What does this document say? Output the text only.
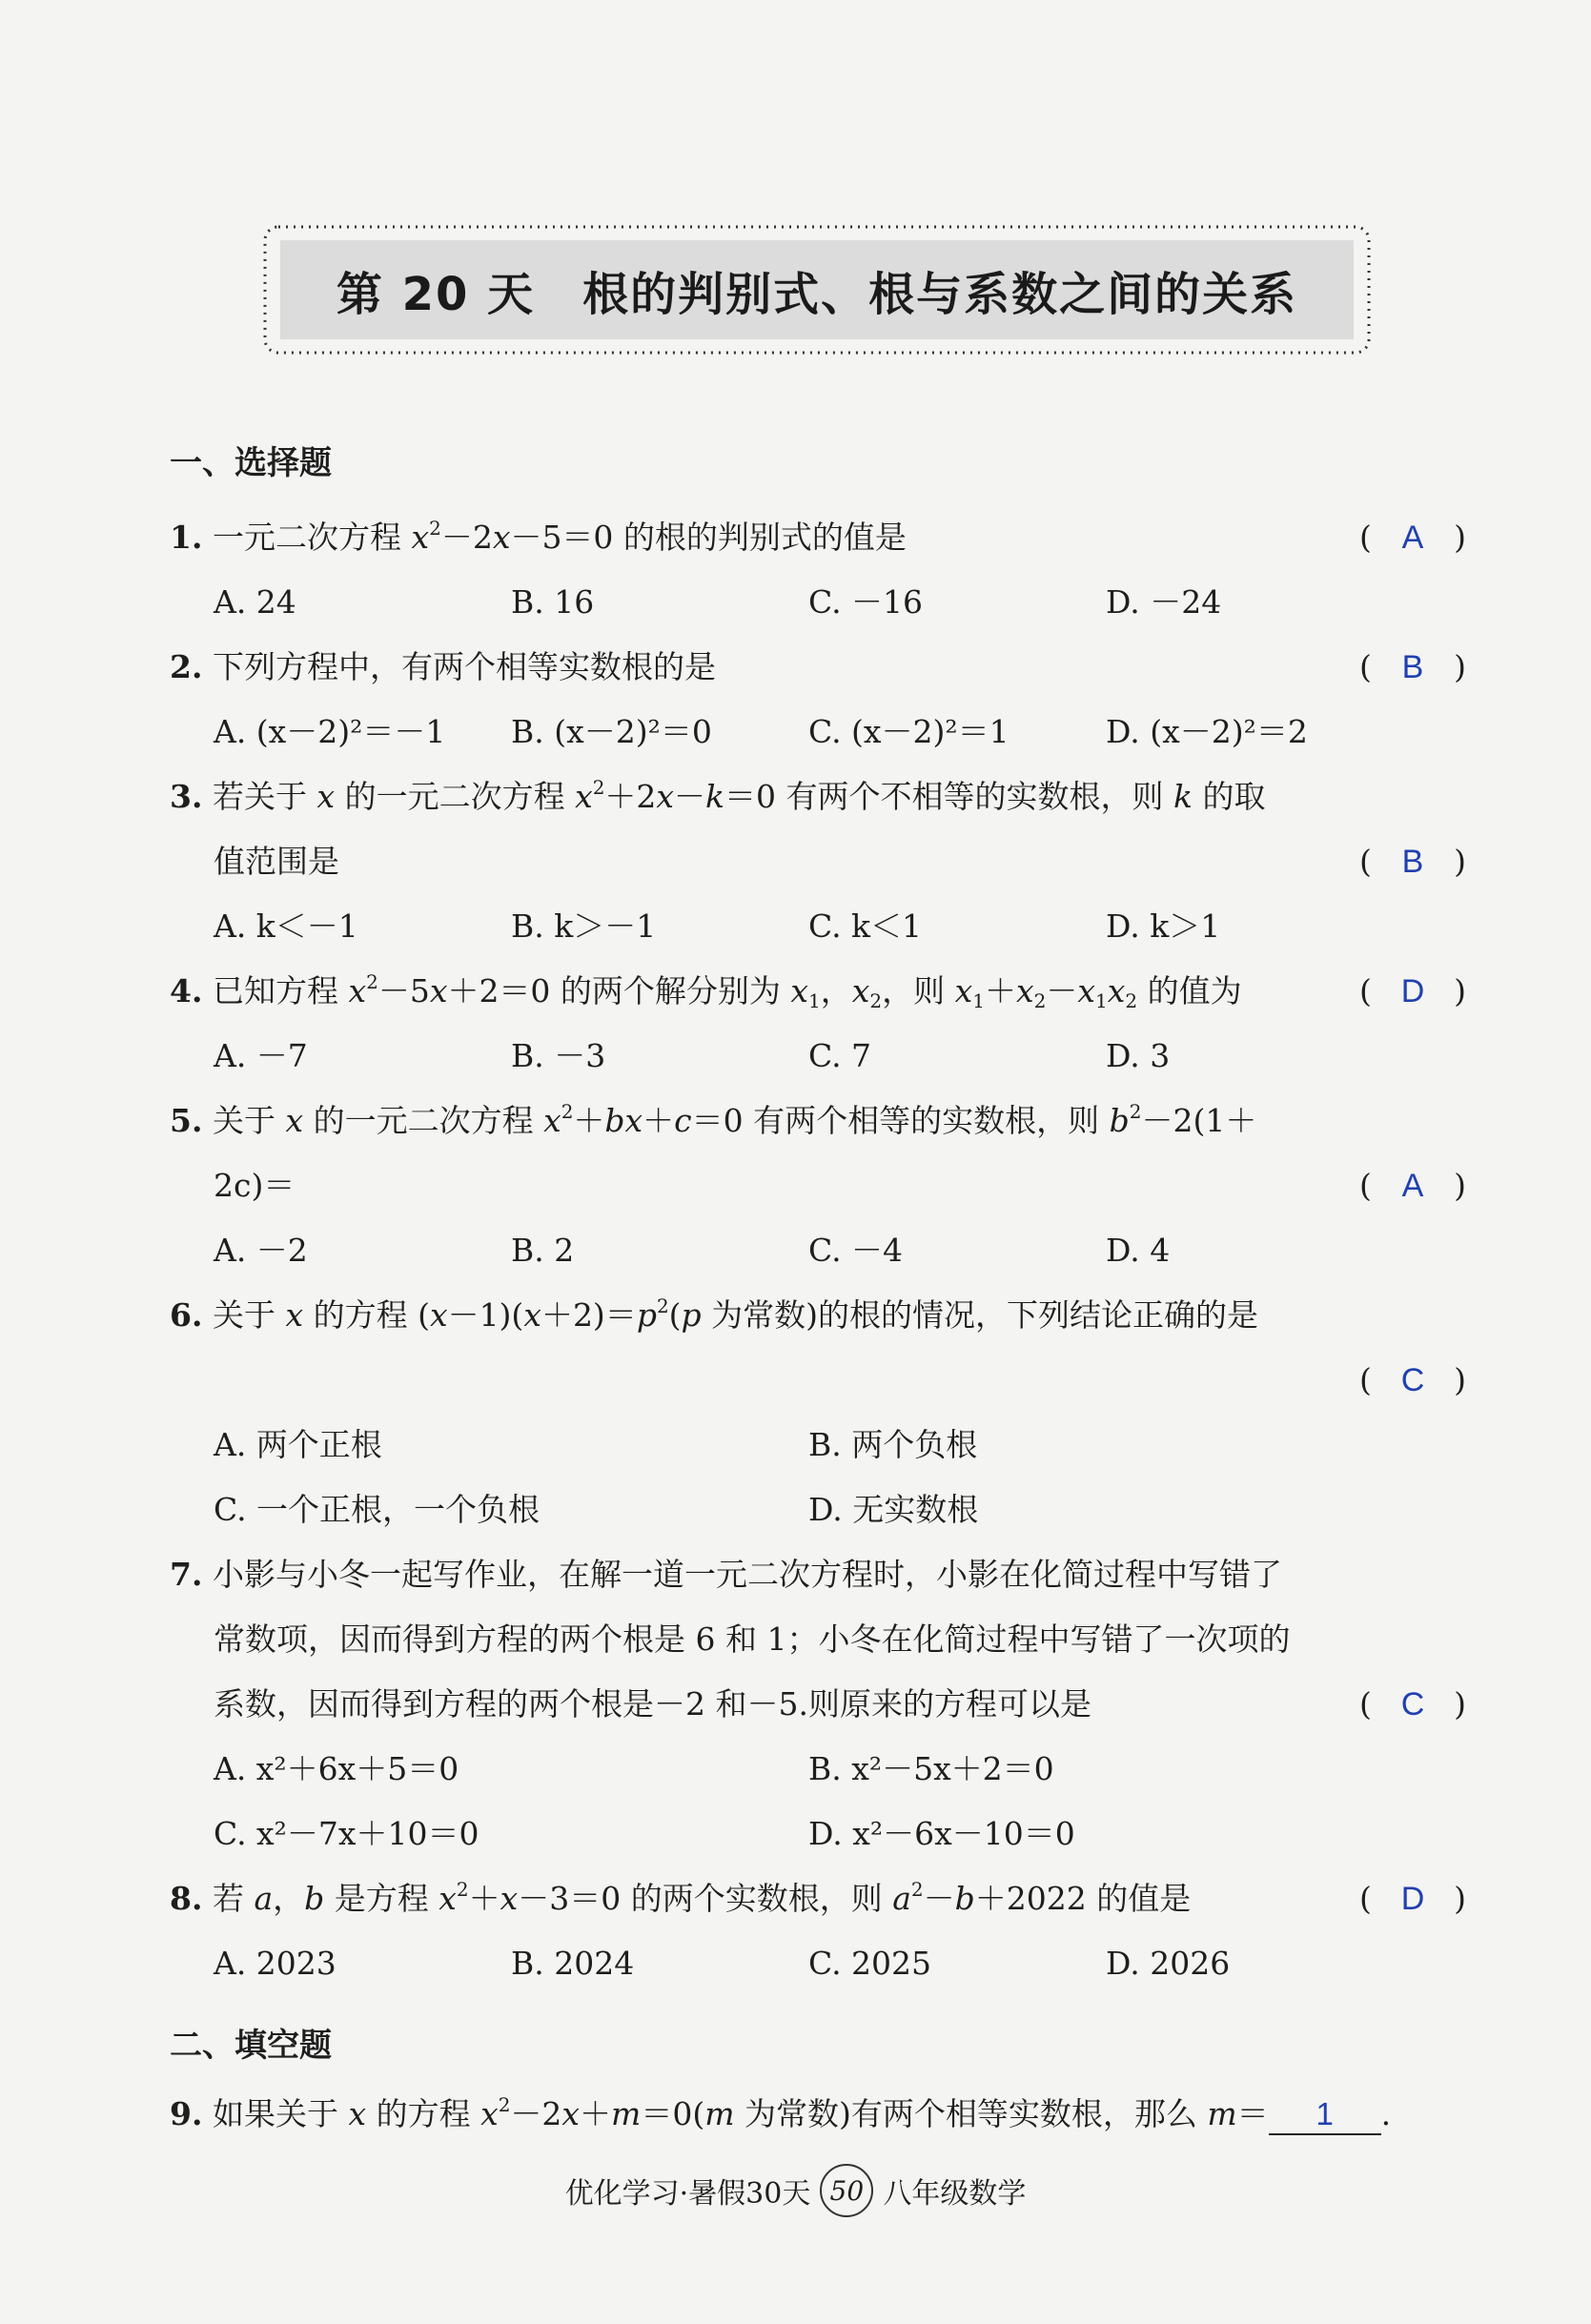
第 20 天　根的判别式、根与系数之间的关系
一、选择题
1. 一元二次方程 $x^2-2x-5=0$ 的根的判别式的值是	( A )
A. 24	B. 16	C. －16	D. －24
2. 下列方程中，有两个相等实数根的是	( B )
A. (x－2)²＝－1 B. (x－2)²＝0	C. (x－2)²＝1	D. (x－2)²＝2
3. 若关于 x 的一元二次方程 $x^2+2x-k=0$ 有两个不相等的实数根，则 k 的取
值范围是	( B )
A. k＜－1	B. k＞－1	C. k＜1	D. k＞1
4. 已知方程 $x^2-5x+2=0$ 的两个解分别为 $x_1$，$x_2$，则 $x_1+x_2-x_1x_2$ 的值为	( D )
A. －7	B. －3	C. 7	D. 3
5. 关于 x 的一元二次方程 $x^2+bx+c=0$ 有两个相等的实数根，则 $b^2-2(1+$
2c)＝	( A )
A. －2	B. 2	C. －4	D. 4
6. 关于 x 的方程 $(x-1)(x+2)=p^2(p$ 为常数)的根的情况，下列结论正确的是
( C )
A. 两个正根	B. 两个负根
C. 一个正根，一个负根	D. 无实数根
7. 小影与小冬一起写作业，在解一道一元二次方程时，小影在化简过程中写错了
常数项，因而得到方程的两个根是 6 和 1；小冬在化简过程中写错了一次项的
系数，因而得到方程的两个根是－2 和－5.则原来的方程可以是	( C )
A. x²＋6x＋5＝0	B. x²－5x＋2＝0
C. x²－7x＋10＝0	D. x²－6x－10＝0
8. 若 a，b 是方程 $x^2+x-3=0$ 的两个实数根，则 $a^2-b+2022$ 的值是	( D )
A. 2023	B. 2024	C. 2025	D. 2026
二、填空题
9. 如果关于 x 的方程 $x^2-2x+m=0(m$ 为常数)有两个相等实数根，那么 m＝ 1 .
优化学习·暑假30天 50 八年级数学
